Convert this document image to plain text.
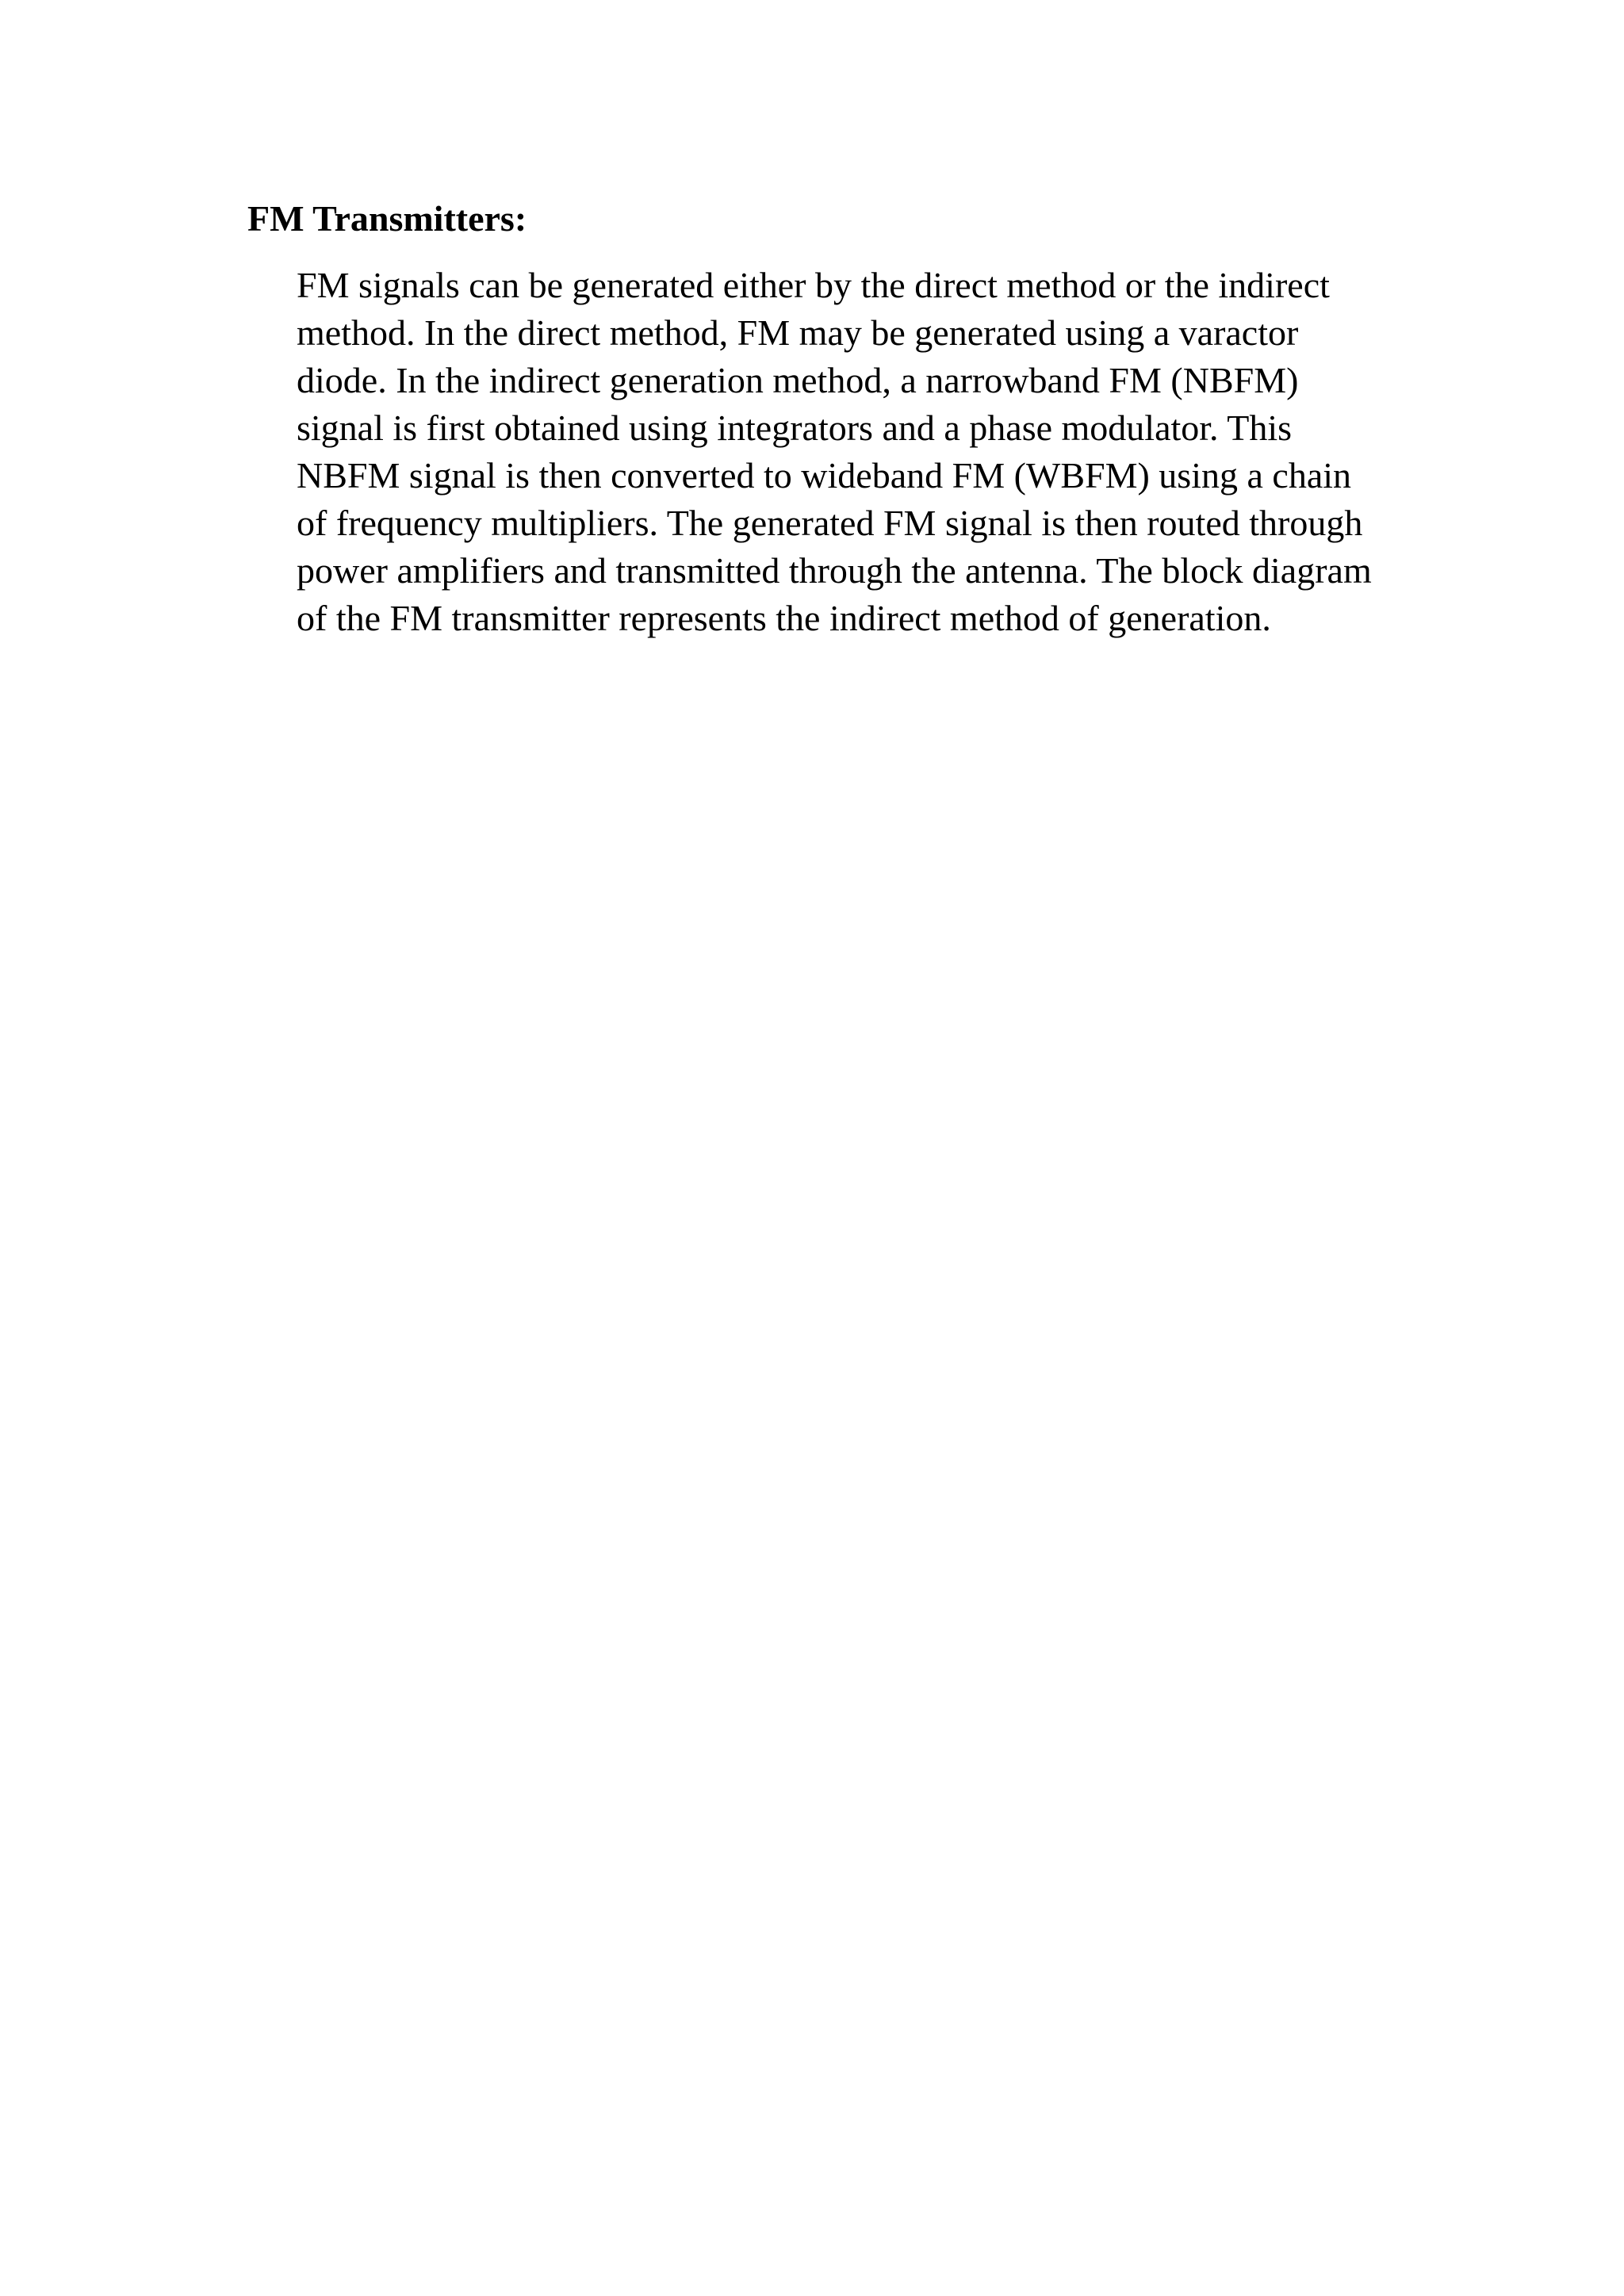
FM Transmitters:

FM signals can be generated either by the direct method or the indirect
method. In the direct method, FM may be generated using a varactor
diode. In the indirect generation method, a narrowband FM (NBFM)
signal is first obtained using integrators and a phase modulator. This
NBFM signal is then converted to wideband FM (WBFM) using a chain
of frequency multipliers. The generated FM signal is then routed through
power amplifiers and transmitted through the antenna. The block diagram
of the FM transmitter represents the indirect method of generation.
